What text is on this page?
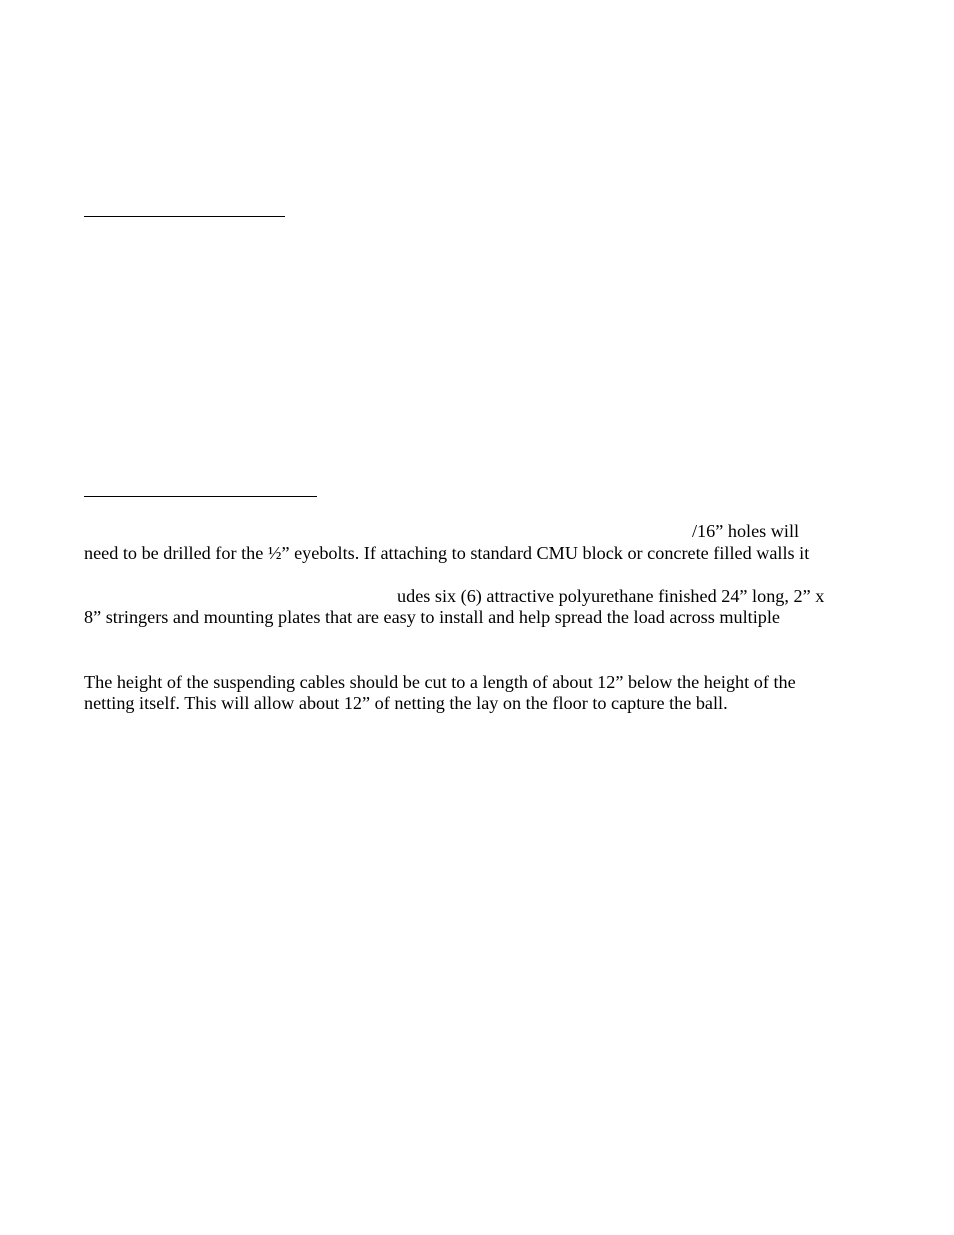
/16” holes will
need to be drilled for the ½” eyebolts. If attaching to standard CMU block or concrete filled walls it
udes six (6) attractive polyurethane finished 24” long, 2” x
8” stringers and mounting plates that are easy to install and help spread the load across multiple
The height of the suspending cables should be cut to a length of about 12” below the height of the
netting itself. This will allow about 12” of netting the lay on the floor to capture the ball.
